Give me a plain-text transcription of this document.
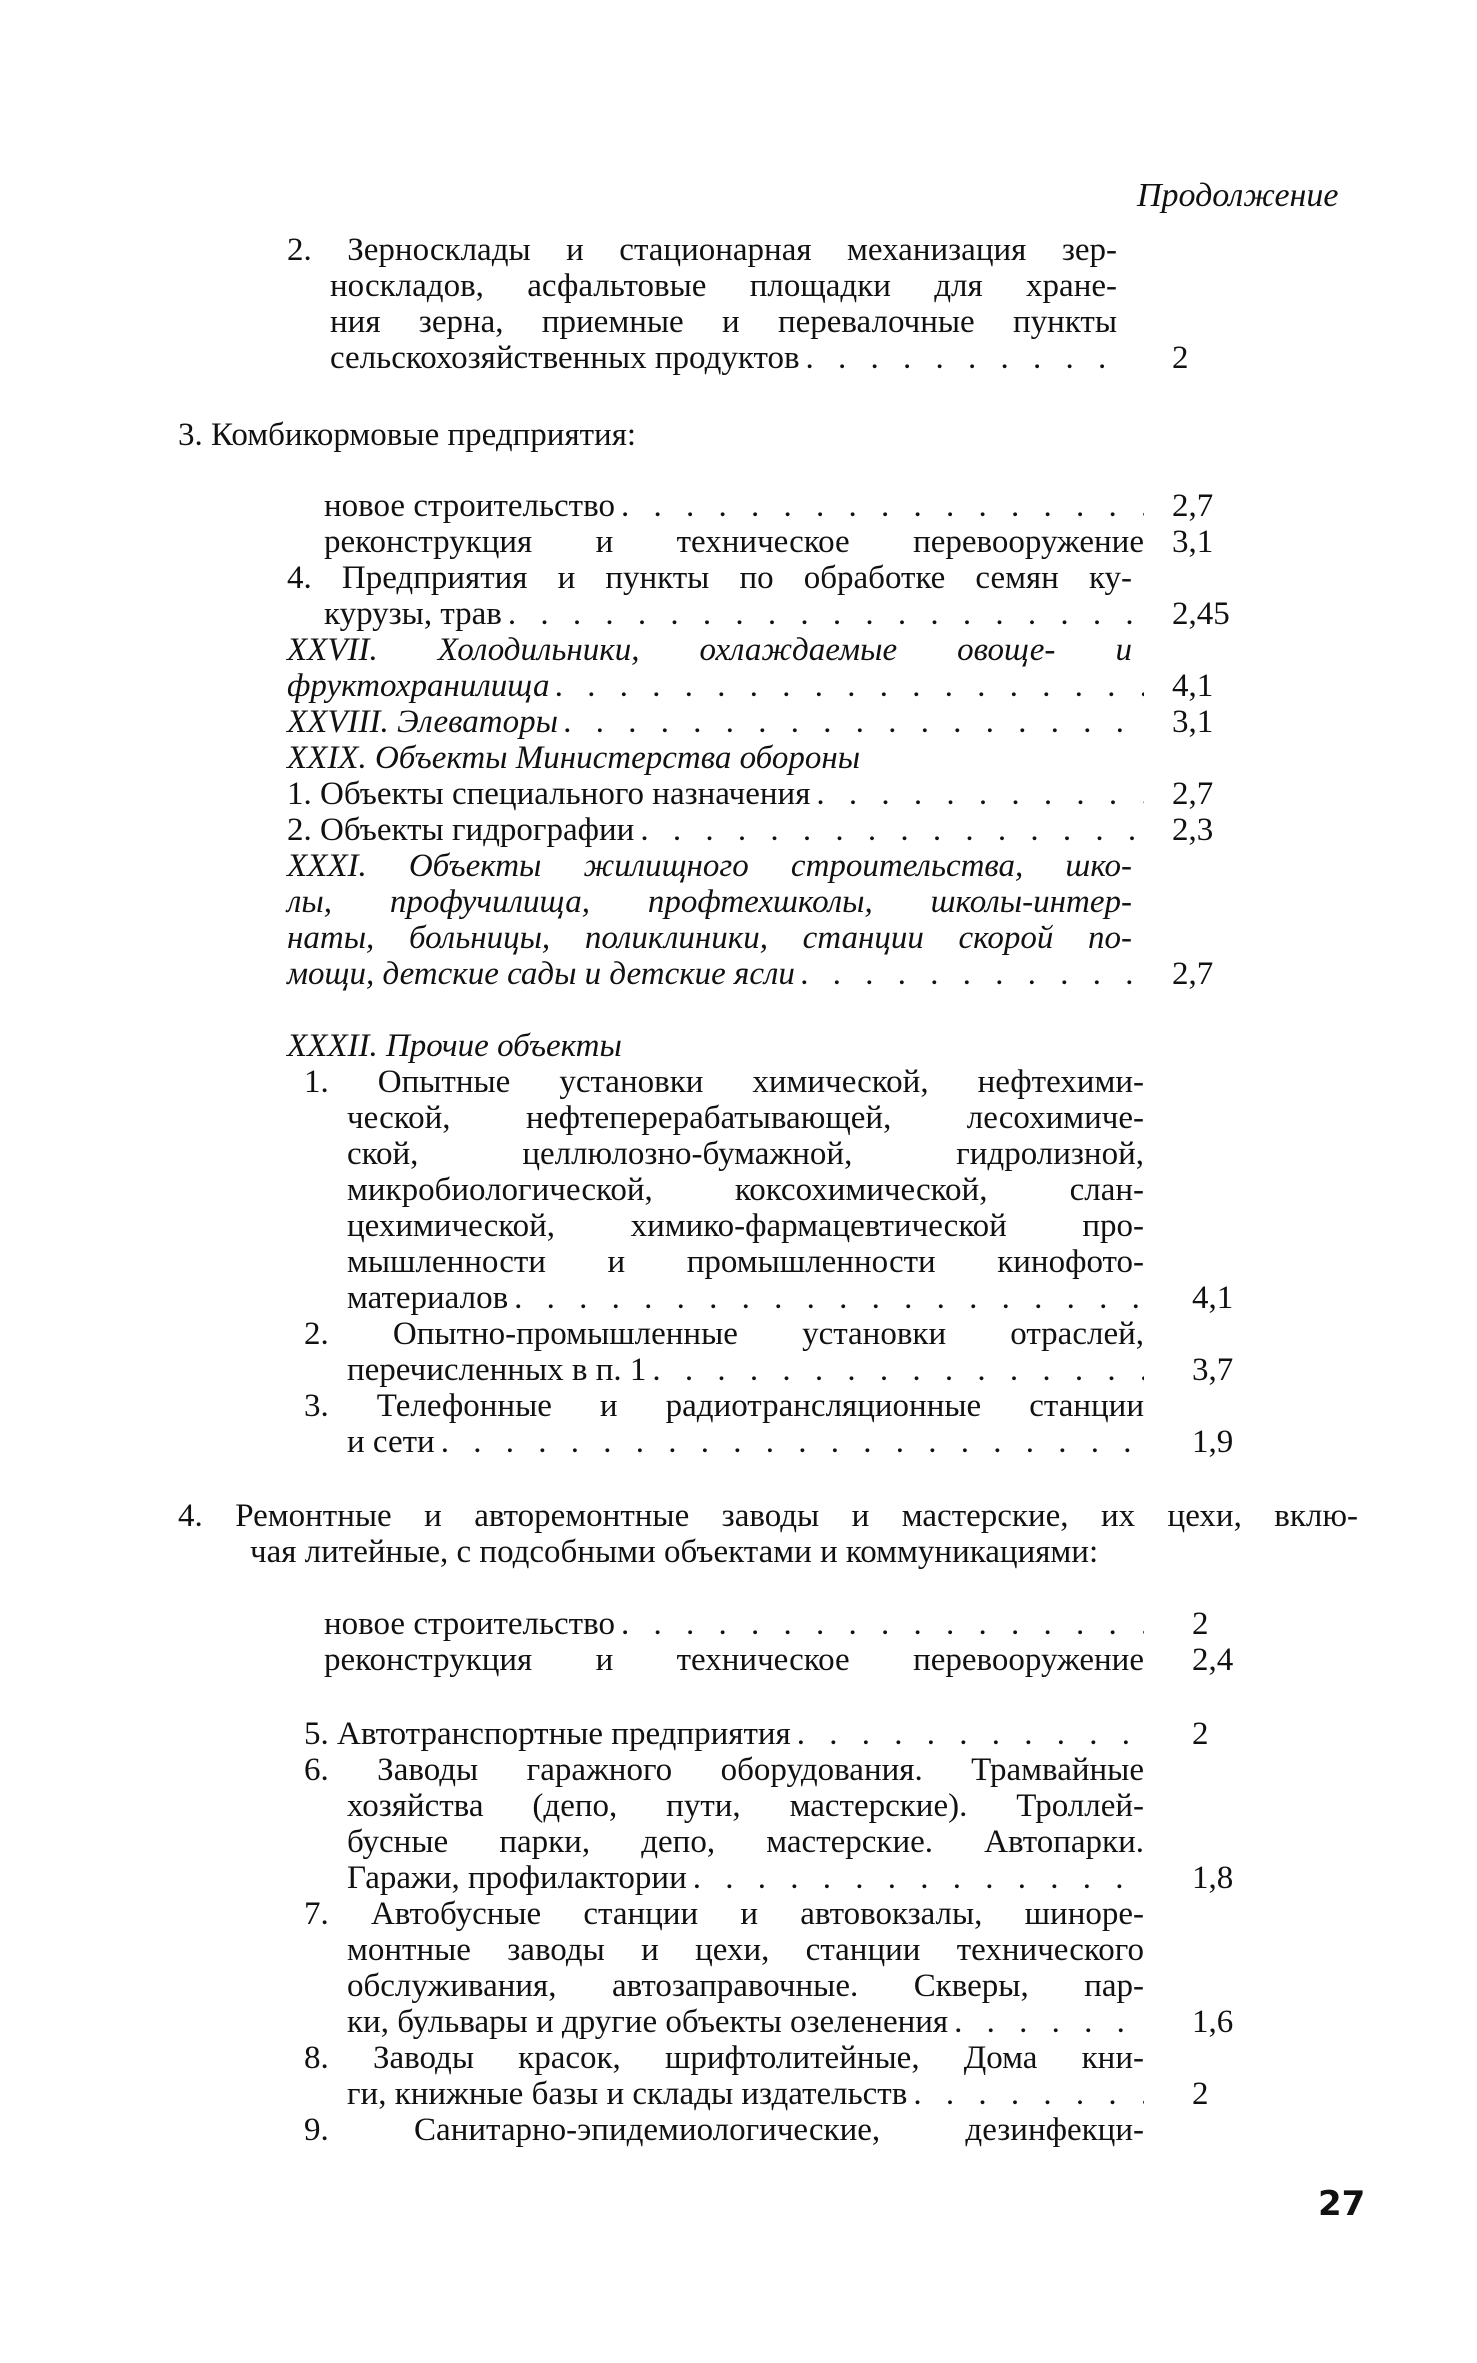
Продолжение
2. Зерносклады и стационарная механизация зер-
носкладов, асфальтовые площадки для хране-
ния зерна, приемные и перевалочные пункты
сельскохозяйственных продуктов . . .	2
3. Комбикормовые предприятия:
новое строительство . . .	2,7
реконструкция и техническое перевооружение 3,1
4. Предприятия и пункты по обработке семян ку-
курузы, трав . . .	2,45
XXVII. Холодильники, охлаждаемые овоще- и
фруктохранилища . . .	4,1
XXVIII. Элеваторы . . .	3,1
XXIX. Объекты Министерства обороны
1. Объекты специального назначения . . .	2,7
2. Объекты гидрографии . . .	2,3
XXXI. Объекты жилищного строительства, шко-
лы, профучилища, профтехшколы, школы-интер-
наты, больницы, поликлиники, станции скорой по-
мощи, детские сады и детские ясли . . .	2,7
XXXII. Прочие объекты
1. Опытные установки химической, нефтехими-
ческой, нефтеперерабатывающей, лесохимиче-
ской, целлюлозно-бумажной, гидролизной,
микробиологической, коксохимической, слан-
цехимической, химико-фармацевтической про-
мышленности и промышленности кинофото-
материалов . . .	4,1
2. Опытно-промышленные установки отраслей,
перечисленных в п. 1 . . .	3,7
3. Телефонные и радиотрансляционные станции
и сети . . .	1,9
4. Ремонтные и авторемонтные заводы и мастерские, их цехи, вклю-
чая литейные, с подсобными объектами и коммуникациями:
новое строительство . . .	2
реконструкция и техническое перевооружение 2,4
5. Автотранспортные предприятия . . .	2
6. Заводы гаражного оборудования. Трамвайные
хозяйства (депо, пути, мастерские). Троллей-
бусные парки, депо, мастерские. Автопарки.
Гаражи, профилактории . . .	1,8
7. Автобусные станции и автовокзалы, шиноре-
монтные заводы и цехи, станции технического
обслуживания, автозаправочные. Скверы, пар-
ки, бульвары и другие объекты озеленения . . .	1,6
8. Заводы красок, шрифтолитейные, Дома кни-
ги, книжные базы и склады издательств . . .	2
9. Санитарно-эпидемиологические, дезинфекци-
27
